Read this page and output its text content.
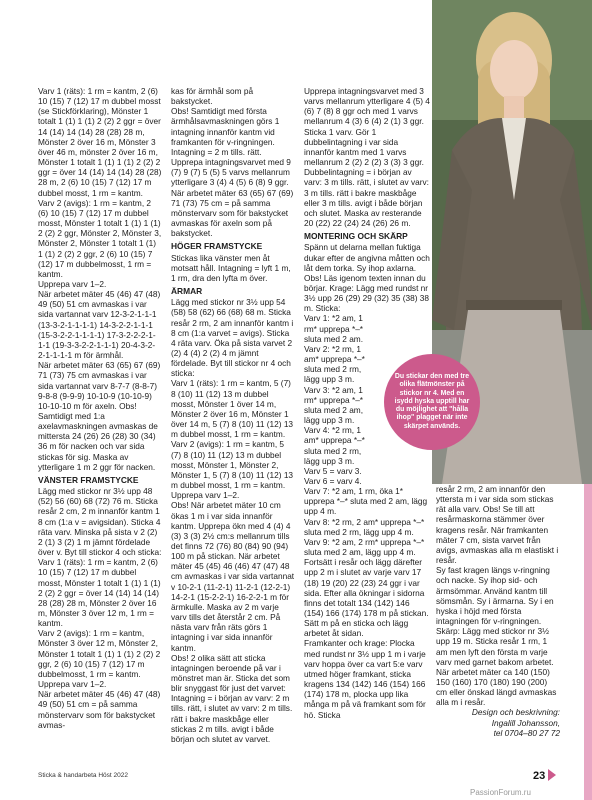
Varv 1 (räts): 1 rm = kantm, 2 (6) 10 (15) 7 (12) 17 m dubbel mosst (se Stickförklaring), Mönster 1 totalt 1 (1) 1 (1) 2 (2) 2 ggr = över 14 (14) 14 (14) 28 (28) 28 m, Mönster 2 över 16 m, Mönster 3 över 46 m, mönster 2 över 16 m, Mönster 1 totalt 1 (1) 1 (1) 2 (2) 2 ggr = över 14 (14) 14 (14) 28 (28) 28 m, 2 (6) 10 (15) 7 (12) 17 m dubbel mosst, 1 rm = kantm.

Varv 2 (avigs): 1 rm = kantm, 2 (6) 10 (15) 7 (12) 17 m dubbel mosst, Mönster 1 totalt 1 (1) 1 (1) 2 (2) 2 ggr, Mönster 2, Mönster 3, Mönster 2, Mönster 1 totalt 1 (1) 1 (1) 2 (2) 2 ggr, 2 (6) 10 (15) 7 (12) 17 m dubbelmosst, 1 rm = kantm.

Upprepa varv 1–2.

När arbetet mäter 45 (46) 47 (48) 49 (50) 51 cm avmaskas i var sida vartannat varv 12-3-2-1-1-1 (13-3-2-1-1-1-1) 14-3-2-2-1-1-1 (15-3-2-2-1-1-1-1) 17-3-2-2-2-1-1-1 (19-3-3-2-2-1-1-1) 20-4-3-2-2-1-1-1-1 m för ärmhål.

När arbetet mäter 63 (65) 67 (69) 71 (73) 75 cm avmaskas i var sida vartannat varv 8-7-7 (8-8-7) 9-8-8 (9-9-9) 10-10-9 (10-10-9) 10-10-10 m för axeln. Obs! Samtidigt med 1:a axelavmaskningen avmaskas de mittersta 24 (26) 26 (28) 30 (34) 36 m för nacken och var sida stickas för sig. Maska av ytterligare 1 m 2 ggr för nacken.

VÄNSTER FRAMSTYCKE

Lägg med stickor nr 3½ upp 48 (52) 56 (60) 68 (72) 76 m. Sticka resår 2 cm, 2 m innanför kantm 1 8 cm (1:a v = avigsidan). Sticka 4 räta varv. Minska på sista v 2 (2) 2 (1) 3 (2) 1 m jämnt fördelade över v. Byt till stickor 4 och sticka:

Varv 1 (räts): 1 rm = kantm, 2 (6) 10 (15) 7 (12) 17 m dubbel mosst, Mönster 1 totalt 1 (1) 1 (1) 2 (2) 2 ggr = över 14 (14) 14 (14) 28 (28) 28 m, Mönster 2 över 16 m, Mönster 3 över 12 m, 1 rm = kantm.

Varv 2 (avigs): 1 rm = kantm, Mönster 3 över 12 m, Mönster 2, Mönster 1 totalt 1 (1) 1 (1) 2 (2) 2 ggr, 2 (6) 10 (15) 7 (12) 17 m dubbelmosst, 1 rm = kantm.

Upprepa varv 1–2.

När arbetet mäter 45 (46) 47 (48) 49 (50) 51 cm = på samma mönstervarv som för bakstycket avmas-

kas för ärmhål som på bakstycket.

Obs! Samtidigt med första ärmhålsavmaskningen görs 1 intagning innanför kantm vid framkanten för v-ringningen. Intagning = 2 m tills. rätt. Upprepa intagningsvarvet med 9 (7) 9 (7) 5 (5) 5 varvs mellanrum ytterligare 3 (4) 4 (5) 6 (8) 9 ggr.

När arbetet mäter 63 (65) 67 (69) 71 (73) 75 cm = på samma mönstervarv som för bakstycket avmaskas för axeln som på bakstycket.

HÖGER FRAMSTYCKE

Stickas lika vänster men åt motsatt håll. Intagning = lyft 1 m, 1 rm, dra den lyfta m över.

ÄRMAR

Lägg med stickor nr 3½ upp 54 (58) 58 (62) 66 (68) 68 m. Sticka resår 2 rm, 2 am innanför kantm i 8 cm (1:a varvet = avigs). Sticka 4 räta varv. Öka på sista varvet 2 (2) 4 (4) 2 (2) 4 m jämnt fördelade. Byt till stickor nr 4 och sticka:

Varv 1 (räts): 1 rm = kantm, 5 (7) 8 (10) 11 (12) 13 m dubbel mosst, Mönster 1 över 14 m, Mönster 2 över 16 m, Mönster 1 över 14 m, 5 (7) 8 (10) 11 (12) 13 m dubbel mosst, 1 rm = kantm.

Varv 2 (avigs): 1 rm = kantm, 5 (7) 8 (10) 11 (12) 13 m dubbel mosst, Mönster 1, Mönster 2, Mönster 1, 5 (7) 8 (10) 11 (12) 13 m dubbel mosst, 1 rm = kantm.

Upprepa varv 1–2.

Obs! När arbetet mäter 10 cm ökas 1 m i var sida innanför kantm. Upprepa ökn med 4 (4) 4 (3) 3 (3) 2½ cm:s mellanrum tills det finns 72 (76) 80 (84) 90 (94) 100 m på stickan. När arbetet mäter 45 (45) 46 (46) 47 (47) 48 cm avmaskas i var sida vartannat v 10-2-1 (11-2-1) 11-2-1 (12-2-1) 14-2-1 (15-2-2-1) 16-2-2-1 m för ärmkulle. Maska av 2 m varje varv tills det återstår 2 cm. På nästa varv från räts görs 1 intagning i var sida innanför kantm.

Obs! 2 olika sätt att sticka intagningen beroende på var i mönstret man är. Sticka det som blir snyggast för just det varvet: Intagning = i början av varv: 2 m tills. rätt, i slutet av varv: 2 m tills. rätt i bakre maskbåge eller stickas 2 m tills. avigt i både början och slutet av varvet.

Upprepa intagningsvarvet med 3 varvs mellanrum ytterligare 4 (5) 4 (6) 7 (8) 8 ggr och med 1 varvs mellanrum 4 (3) 6 (4) 2 (1) 3 ggr. Sticka 1 varv. Gör 1 dubbelintagning i var sida innanför kantm med 1 varvs mellanrum 2 (2) 2 (2) 3 (3) 3 ggr. Dubbelintagning = i början av varv: 3 m tills. rätt, i slutet av varv: 3 m tills. rätt i bakre maskbåge eller 3 m tills. avigt i både början och slutet. Maska av resterande 20 (22) 22 (24) 24 (26) 26 m.

MONTERING OCH SKÄRP

Spänn ut delarna mellan fuktiga dukar efter de angivna måtten och låt dem torka. Sy ihop axlarna. Obs! Läs igenom texten innan du börjar. Krage: Lägg med rundst nr 3½ upp 26 (29) 29 (32) 35 (38) 38 m. Sticka:

Varv 1: *2 am, 1 rm* upprepa *–* sluta med 2 am.

Varv 2: *2 rm, 1 am* upprepa *–* sluta med 2 rm, lägg upp 3 m.

Varv 3: *2 am, 1 rm* upprepa *–* sluta med 2 am, lägg upp 3 m.

Varv 4: *2 rm, 1 am* upprepa *–* sluta med 2 rm, lägg upp 3 m.

Varv 5 = varv 3.

Varv 6 = varv 4.

Varv 7: *2 am, 1 rm, öka 1* upprepa *–* sluta med 2 am, lägg upp 4 m.

Varv 8: *2 rm, 2 am* upprepa *–* sluta med 2 rm, lägg upp 4 m.

Varv 9: *2 am, 2 rm* upprepa *–* sluta med 2 am, lägg upp 4 m.

Fortsätt i resår och lägg därefter upp 2 m i slutet av varje varv 17 (18) 19 (20) 22 (23) 24 ggr i var sida. Efter alla ökningar i sidorna finns det totalt 134 (142) 146 (154) 166 (174) 178 m på stickan. Sätt m på en sticka och lägg arbetet åt sidan.

Framkanter och krage: Plocka med rundst nr 3½ upp 1 m i varje varv hoppa över ca vart 5:e varv utmed höger framkant, sticka kragens 134 (142) 146 (154) 166 (174) 178 m, plocka upp lika många m på vä framkant som för hö. Sticka

Du stickar den med tre olika flätmönster på stickor nr 4. Med en isydd hyska upptill har du möjlighet att "hålla ihop" plagget när inte skärpet används.

resår 2 rm, 2 am innanför den yttersta m i var sida som stickas rät alla varv. Obs! Se till att resårmaskorna stämmer över kragens resår. När framkanten mäter 7 cm, sista varvet från avigs, avmaskas alla m elastiskt i resår.

Sy fast kragen längs v-ringning och nacke. Sy ihop sid- och ärmsömmar. Använd kantm till sömsmån. Sy i ärmarna. Sy i en hyska i höjd med första intagningen för v-ringningen.

Skärp: Lägg med stickor nr 3½ upp 19 m. Sticka resår 1 rm, 1 am men lyft den första m varje varv med garnet bakom arbetet. När arbetet mäter ca 140 (150) 150 (160) 170 (180) 190 (200) cm eller önskad längd avmaskas alla m i resår.

Design och beskrivning:

Ingalill Johansson,

tel 0704–80 27 72

Sticka & handarbeta Höst 2022	23
PassionForum.ru
